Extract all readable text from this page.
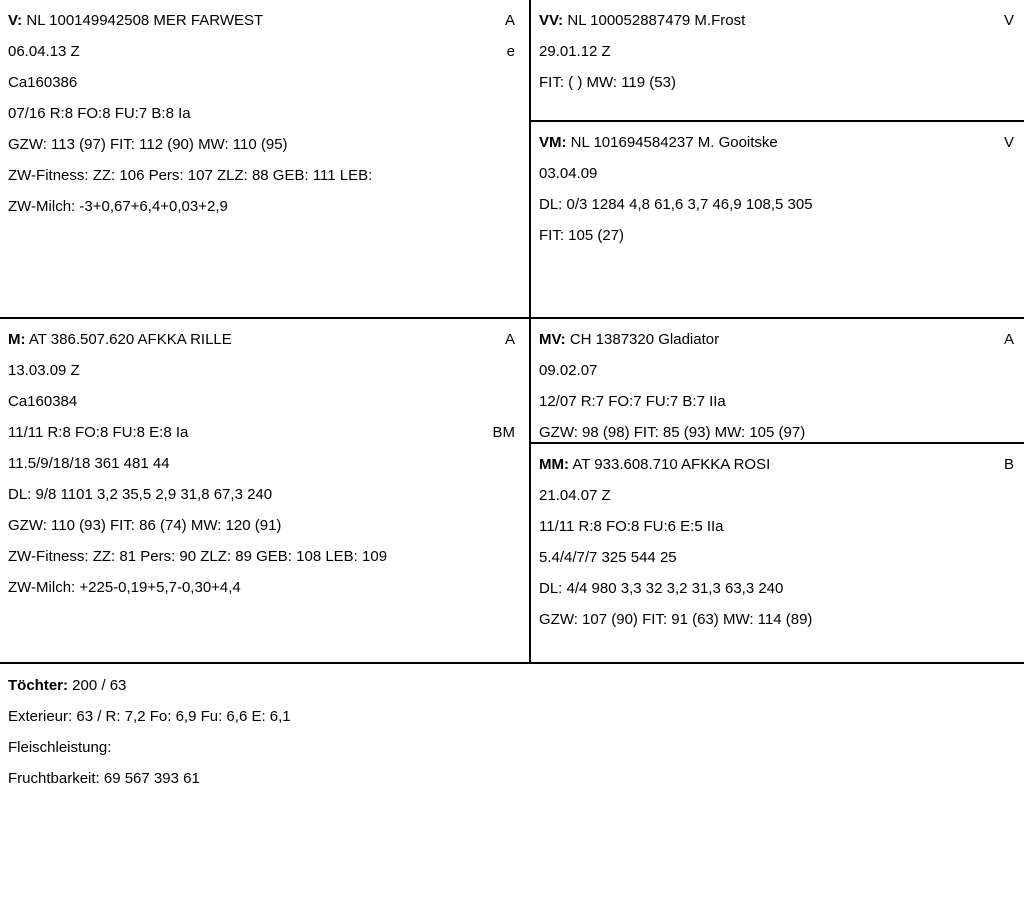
V: NL 100149942508 MER FARWEST	A
06.04.13 Z	e
Ca160386
07/16 R:8 FO:8 FU:7 B:8 Ia
GZW: 113 (97) FIT: 112 (90) MW: 110 (95)
ZW-Fitness: ZZ: 106 Pers: 107 ZLZ: 88 GEB: 111 LEB:
ZW-Milch: -3+0,67+6,4+0,03+2,9
VV: NL 100052887479 M.Frost	V
29.01.12 Z
FIT: ( ) MW: 119 (53)
VM: NL 101694584237 M. Gooitske	V
03.04.09
DL: 0/3 1284 4,8 61,6 3,7 46,9 108,5 305
FIT: 105 (27)
M: AT 386.507.620 AFKKA RILLE	A
13.03.09 Z
Ca160384
11/11 R:8 FO:8 FU:8 E:8 Ia	BM
11.5/9/18/18 361 481 44
DL: 9/8 1101 3,2 35,5 2,9 31,8 67,3 240
GZW: 110 (93) FIT: 86 (74) MW: 120 (91)
ZW-Fitness: ZZ: 81 Pers: 90 ZLZ: 89 GEB: 108 LEB: 109
ZW-Milch: +225-0,19+5,7-0,30+4,4
MV: CH 1387320 Gladiator	A
09.02.07
12/07 R:7 FO:7 FU:7 B:7 IIa
GZW: 98 (98) FIT: 85 (93) MW: 105 (97)
MM: AT 933.608.710 AFKKA ROSI	B
21.04.07 Z
11/11 R:8 FO:8 FU:6 E:5 IIa
5.4/4/7/7 325 544 25
DL: 4/4 980 3,3 32 3,2 31,3 63,3 240
GZW: 107 (90) FIT: 91 (63) MW: 114 (89)
Töchter: 200 / 63
Exterieur: 63 / R: 7,2 Fo: 6,9 Fu: 6,6 E: 6,1
Fleischleistung:
Fruchtbarkeit: 69 567 393 61
